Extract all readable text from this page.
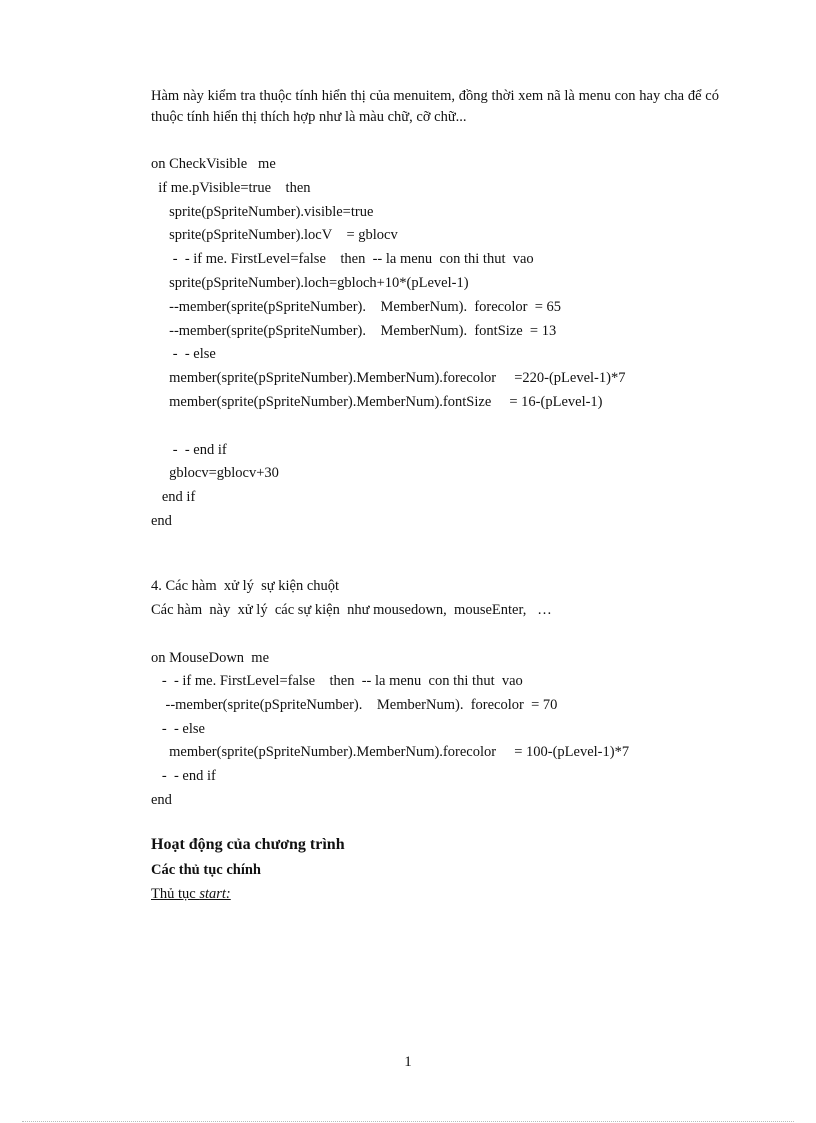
Hàm này kiểm tra thuộc tính hiển thị của menuitem, đồng thời xem nã là menu con hay cha để có thuộc tính hiển thị thích hợp như là màu chữ, cỡ chữ...
on CheckVisible   me
if me.pVisible=true    then
sprite(pSpriteNumber).visible=true
sprite(pSpriteNumber).locV    = gblocv
-  - if me. FirstLevel=false    then  -- la menu  con thi thut  vao
sprite(pSpriteNumber).loch=gbloch+10*(pLevel-1)
--member(sprite(pSpriteNumber).    MemberNum).  forecolor  = 65
--member(sprite(pSpriteNumber).    MemberNum).  fontSize  = 13
-  - else
member(sprite(pSpriteNumber).MemberNum).forecolor     =220-(pLevel-1)*7
member(sprite(pSpriteNumber).MemberNum).fontSize     = 16-(pLevel-1)
-  - end if
gblocv=gblocv+30
end if
end
4. Các hàm  xử lý  sự kiện chuột
Các hàm  này  xử lý  các sự kiện  như mousedown,  mouseEnter,   …
on MouseDown  me
-  - if me. FirstLevel=false    then  -- la menu  con thi thut  vao
--member(sprite(pSpriteNumber).    MemberNum).  forecolor  = 70
-  - else
member(sprite(pSpriteNumber).MemberNum).forecolor     = 100-(pLevel-1)*7
-  - end if
end
Hoạt động của chương trình
Các thủ tục chính
Thủ tục start:
1
